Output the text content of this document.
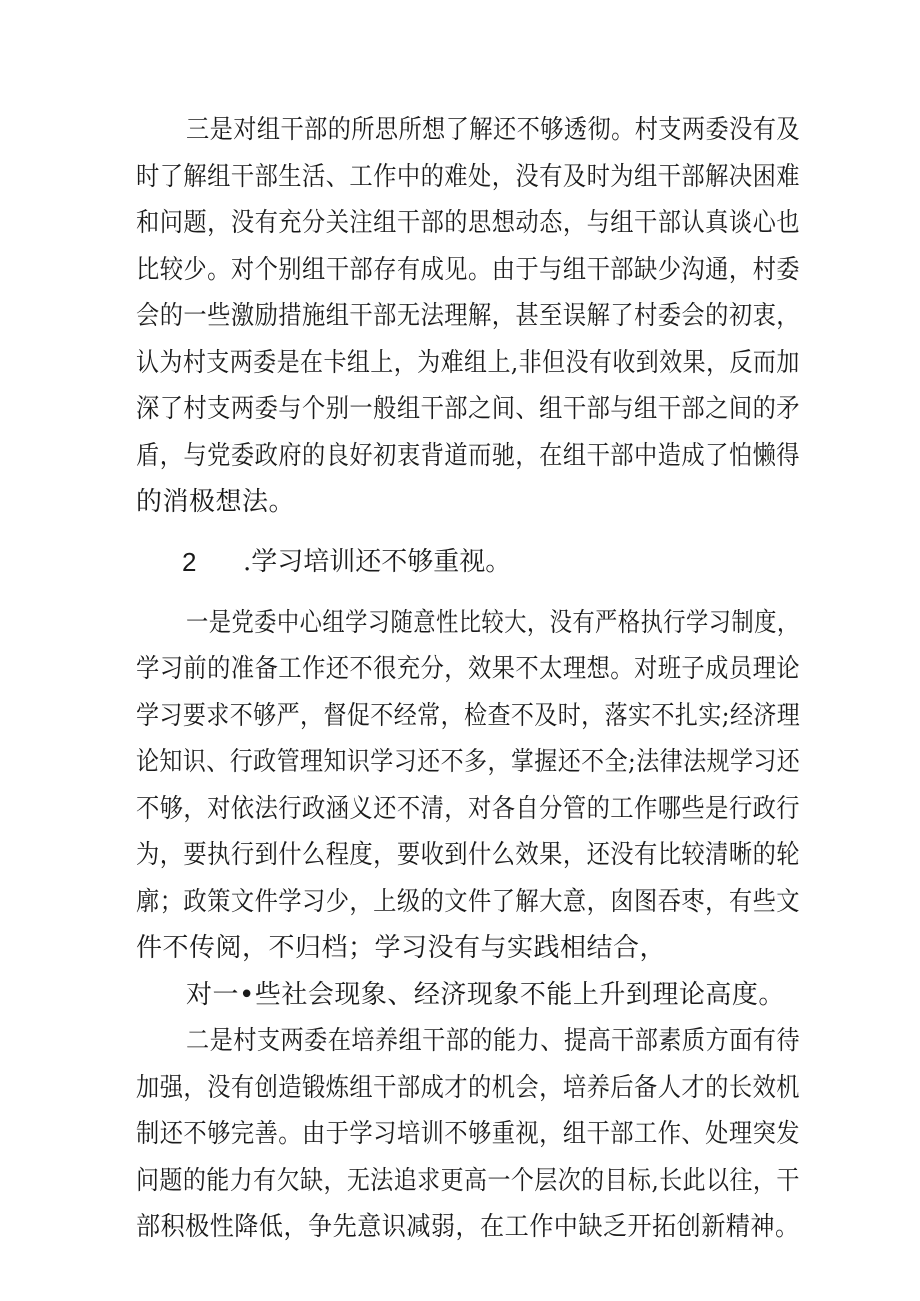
三是对组干部的所思所想了解还不够透彻。村支两委没有及

时了解组干部生活、工作中的难处，没有及时为组干部解决困难

和问题，没有充分关注组干部的思想动态，与组干部认真谈心也

比较少。对个别组干部存有成见。由于与组干部缺少沟通，村委

会的一些激励措施组干部无法理解，甚至误解了村委会的初衷，

认为村支两委是在卡组上，为难组上,非但没有收到效果，反而加

深了村支两委与个别一般组干部之间、组干部与组干部之间的矛

盾，与党委政府的良好初衷背道而驰，在组干部中造成了怕懒得

的消极想法。

2 .学习培训还不够重视。

一是党委中心组学习随意性比较大，没有严格执行学习制度，

学习前的准备工作还不很充分，效果不太理想。对班子成员理论

学习要求不够严，督促不经常，检查不及时，落实不扎实;经济理

论知识、行政管理知识学习还不多，掌握还不全;法律法规学习还

不够，对依法行政涵义还不清，对各自分管的工作哪些是行政行

为，要执行到什么程度，要收到什么效果，还没有比较清晰的轮

廓；政策文件学习少，上级的文件了解大意，囱图吞枣，有些文

件不传阅，不归档；学习没有与实践相结合，

对一•些社会现象、经济现象不能上升到理论高度。

二是村支两委在培养组干部的能力、提高干部素质方面有待

加强，没有创造锻炼组干部成才的机会，培养后备人才的长效机

制还不够完善。由于学习培训不够重视，组干部工作、处理突发

问题的能力有欠缺，无法追求更高一个层次的目标,长此以往，干

部积极性降低，争先意识减弱，在工作中缺乏开拓创新精神。
